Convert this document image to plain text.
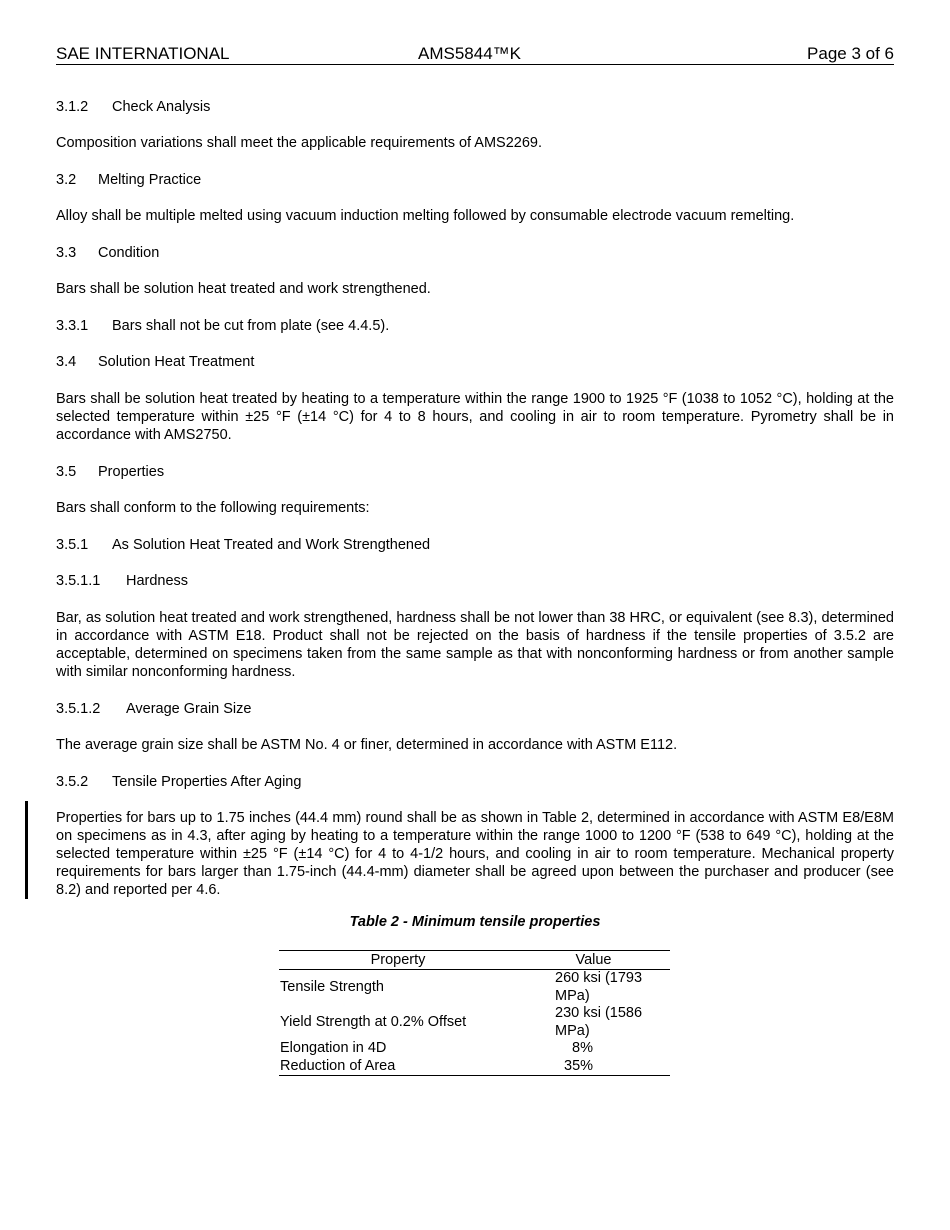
SAE INTERNATIONAL	AMS5844™K	Page 3 of 6
3.1.2 Check Analysis

Composition variations shall meet the applicable requirements of AMS2269.

3.2 Melting Practice

Alloy shall be multiple melted using vacuum induction melting followed by consumable electrode vacuum remelting.

3.3 Condition

Bars shall be solution heat treated and work strengthened.

3.3.1 Bars shall not be cut from plate (see 4.4.5).
3.4 Solution Heat Treatment

Bars shall be solution heat treated by heating to a temperature within the range 1900 to 1925 °F (1038 to 1052 °C), holding at the selected temperature within ±25 °F (±14 °C) for 4 to 8 hours, and cooling in air to room temperature. Pyrometry shall be in accordance with AMS2750.

3.5 Properties

Bars shall conform to the following requirements:

3.5.1 As Solution Heat Treated and Work Strengthened
3.5.1.1 Hardness

Bar, as solution heat treated and work strengthened, hardness shall be not lower than 38 HRC, or equivalent (see 8.3), determined in accordance with ASTM E18. Product shall not be rejected on the basis of hardness if the tensile properties of 3.5.2 are acceptable, determined on specimens taken from the same sample as that with nonconforming hardness or from another sample with similar nonconforming hardness.

3.5.1.2 Average Grain Size

The average grain size shall be ASTM No. 4 or finer, determined in accordance with ASTM E112.

3.5.2 Tensile Properties After Aging

Properties for bars up to 1.75 inches (44.4 mm) round shall be as shown in Table 2, determined in accordance with ASTM E8/E8M on specimens as in 4.3, after aging by heating to a temperature within the range 1000 to 1200 °F (538 to 649 °C), holding at the selected temperature within ±25 °F (±14 °C) for 4 to 4-1/2 hours, and cooling in air to room temperature. Mechanical property requirements for bars larger than 1.75-inch (44.4-mm) diameter shall be agreed upon between the purchaser and producer (see 8.2) and reported per 4.6.

Table 2 - Minimum tensile properties
Property	Value
Tensile Strength	260 ksi (1793 MPa)
Yield Strength at 0.2% Offset	230 ksi (1586 MPa)
Elongation in 4D	8%
Reduction of Area	35%
